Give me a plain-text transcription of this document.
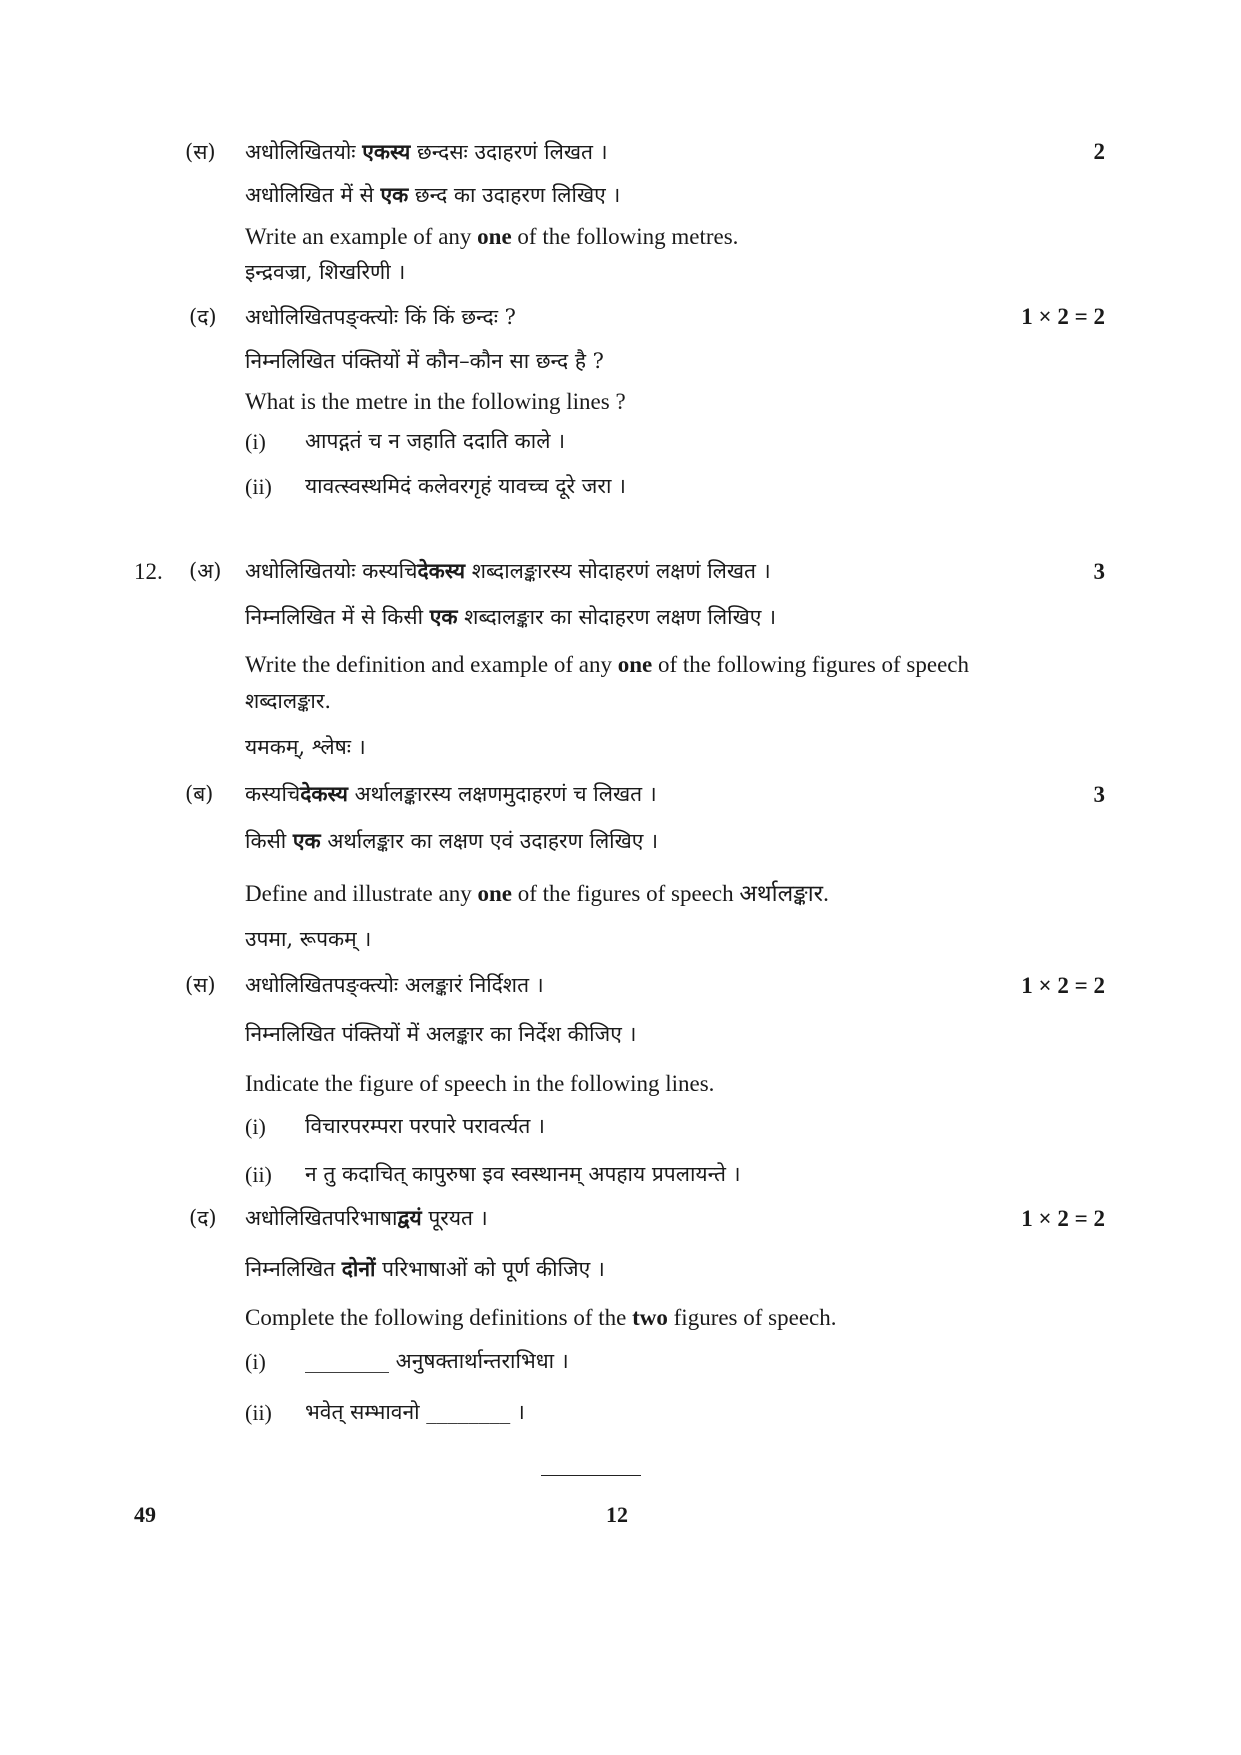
(स) अधोलिखितयोः एकस्य छन्दसः उदाहरणं लिखत ।	2
अधोलिखित में से एक छन्द का उदाहरण लिखिए ।
Write an example of any one of the following metres.
इन्द्रवज्रा, शिखरिणी ।
(द) अधोलिखितपङ्क्त्योः किं किं छन्दः ?	1 × 2 = 2
निम्नलिखित पंक्तियों में कौन–कौन सा छन्द है ?
What is the metre in the following lines ?
(i) आपद्गतं च न जहाति ददाति काले ।
(ii) यावत्स्वस्थमिदं कलेवरगृहं यावच्च दूरे जरा ।
12. (अ) अधोलिखितयोः कस्यचिदेकस्य शब्दालङ्कारस्य सोदाहरणं लक्षणं लिखत ।	3
निम्नलिखित में से किसी एक शब्दालङ्कार का सोदाहरण लक्षण लिखिए ।
Write the definition and example of any one of the following figures of speech
शब्दालङ्कार.
यमकम्, श्लेषः ।
(ब) कस्यचिदेकस्य अर्थालङ्कारस्य लक्षणमुदाहरणं च लिखत ।	3
किसी एक अर्थालङ्कार का लक्षण एवं उदाहरण लिखिए ।
Define and illustrate any one of the figures of speech अर्थालङ्कार.
उपमा, रूपकम् ।
(स) अधोलिखितपङ्क्त्योः अलङ्कारं निर्दिशत ।	1 × 2 = 2
निम्नलिखित पंक्तियों में अलङ्कार का निर्देश कीजिए ।
Indicate the figure of speech in the following lines.
(i) विचारपरम्परा परपारे परावर्त्यत ।
(ii) न तु कदाचित् कापुरुषा इव स्वस्थानम् अपहाय प्रपलायन्ते ।
(द) अधोलिखितपरिभाषाद्वयं पूरयत ।	1 × 2 = 2
निम्नलिखित दोनों परिभाषाओं को पूर्ण कीजिए ।
Complete the following definitions of the two figures of speech.
(i) ________ अनुषक्तार्थान्तराभिधा ।
(ii) भवेत् सम्भावनो ________ ।
49	12
